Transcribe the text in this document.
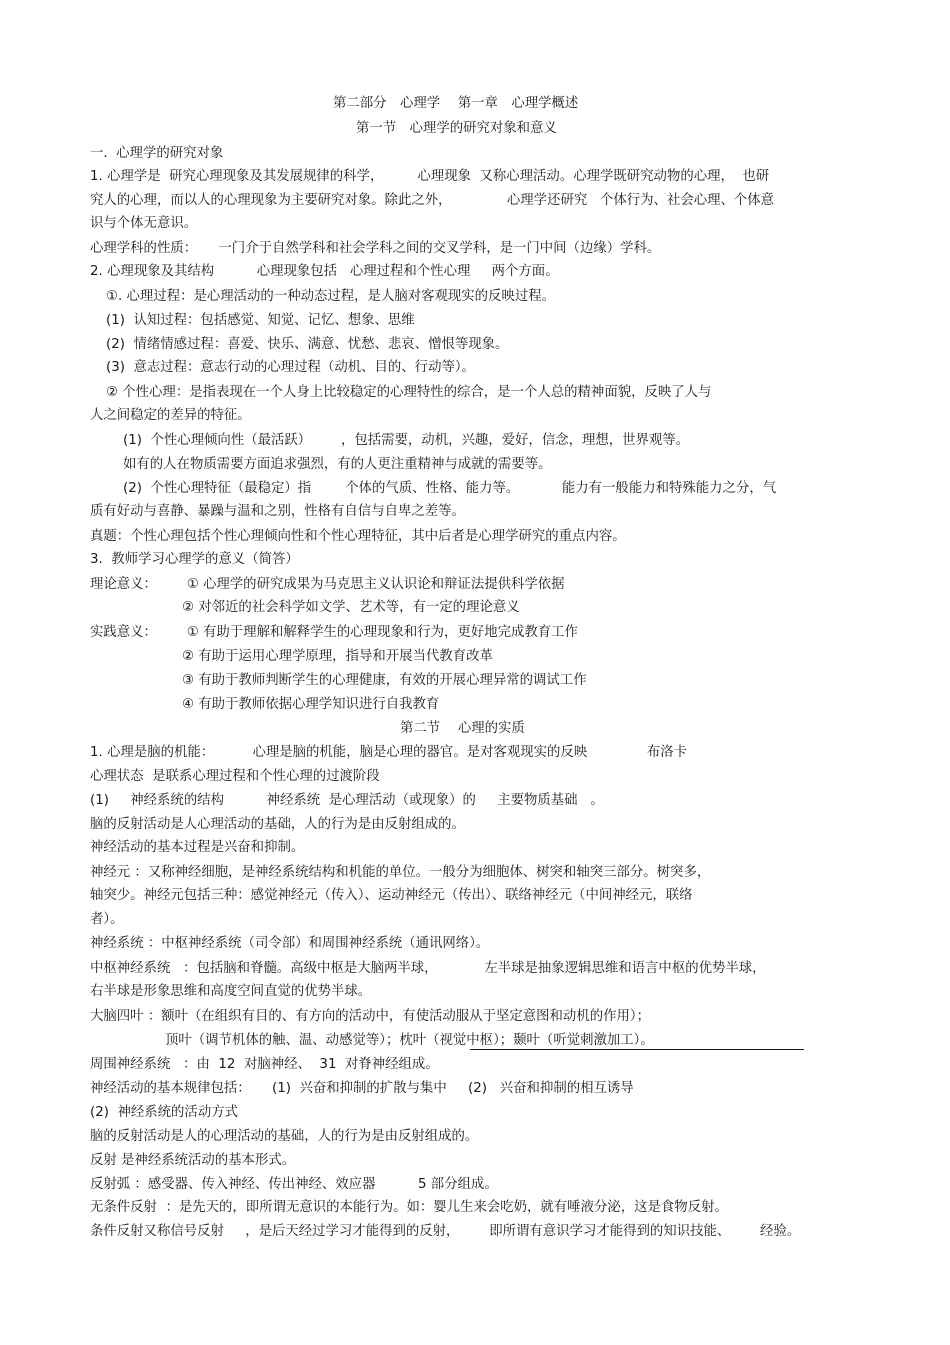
第二部分　心理学　 第一章　心理学概述
第一节　心理学的研究对象和意义
一.  心理学的研究对象
1. 心理学是  研究心理现象及其发展规律的科学，        心理现象  又称心理活动。心理学既研究动物的心理，  也研
究人的心理，而以人的心理现象为主要研究对象。除此之外，             心理学还研究   个体行为、社会心理、个体意
识与个体无意识。
心理学科的性质：     一门介于自然学科和社会学科之间的交叉学科，是一门中间（边缘）学科。
2. 心理现象及其结构          心理现象包括   心理过程和个性心理     两个方面。
①. 心理过程：是心理活动的一种动态过程，是人脑对客观现实的反映过程。
(1)  认知过程：包括感觉、知觉、记忆、想象、思维
(2)  情绪情感过程：喜爱、快乐、满意、忧愁、悲哀、憎恨等现象。
(3)  意志过程：意志行动的心理过程（动机、目的、行动等）。
② 个性心理：是指表现在一个人身上比较稳定的心理特性的综合，是一个人总的精神面貌，反映了人与
人之间稳定的差异的特征。
(1)  个性心理倾向性（最活跃）       ，包括需要，动机，兴趣，爱好，信念，理想，世界观等。
如有的人在物质需要方面追求强烈，有的人更注重精神与成就的需要等。
(2)  个性心理特征（最稳定）指        个体的气质、性格、能力等。          能力有一般能力和特殊能力之分，气
质有好动与喜静、暴躁与温和之别，性格有自信与自卑之差等。
真题：个性心理包括个性心理倾向性和个性心理特征，其中后者是心理学研究的重点内容。
3.  教师学习心理学的意义（简答）
理论意义：       ① 心理学的研究成果为马克思主义认识论和辩证法提供科学依据
② 对邻近的社会科学如文学、艺术等，有一定的理论意义
实践意义：       ① 有助于理解和解释学生的心理现象和行为，更好地完成教育工作
② 有助于运用心理学原理，指导和开展当代教育改革
③ 有助于教师判断学生的心理健康，有效的开展心理异常的调试工作
④ 有助于教师依据心理学知识进行自我教育
第二节　 心理的实质
1. 心理是脑的机能：         心理是脑的机能，脑是心理的器官。是对客观现实的反映              布洛卡
心理状态  是联系心理过程和个性心理的过渡阶段
(1)     神经系统的结构          神经系统  是心理活动（或现象）的     主要物质基础   。
脑的反射活动是人心理活动的基础，人的行为是由反射组成的。
神经活动的基本过程是兴奋和抑制。
神经元 ：又称神经细胞，是神经系统结构和机能的单位。一般分为细胞体、树突和轴突三部分。树突多，
轴突少。神经元包括三种：感觉神经元（传入）、运动神经元（传出）、联络神经元（中间神经元，联络
者）。
神经系统 ：中枢神经系统（司令部）和周围神经系统（通讯网络）。
中枢神经系统   ：包括脑和脊髓。高级中枢是大脑两半球，           左半球是抽象逻辑思维和语言中枢的优势半球，
右半球是形象思维和高度空间直觉的优势半球。
大脑四叶 ：额叶（在组织有目的、有方向的活动中，有使活动服从于坚定意图和动机的作用）；
顶叶（调节机体的触、温、动感觉等）；枕叶（视觉中枢）；颞叶（听觉刺激加工）。
周围神经系统   ：由  12  对脑神经、  31  对脊神经组成。
神经活动的基本规律包括：     (1)  兴奋和抑制的扩散与集中     (2)   兴奋和抑制的相互诱导
(2)  神经系统的活动方式
脑的反射活动是人的心理活动的基础，人的行为是由反射组成的。
反射 是神经系统活动的基本形式。
反射弧 ：感受器、传入神经、传出神经、效应器          5 部分组成。
无条件反射  ：是先天的，即所谓无意识的本能行为。如：婴儿生来会吃奶，就有唾液分泌，这是食物反射。
条件反射又称信号反射     ，是后天经过学习才能得到的反射，       即所谓有意识学习才能得到的知识技能、       经验。
